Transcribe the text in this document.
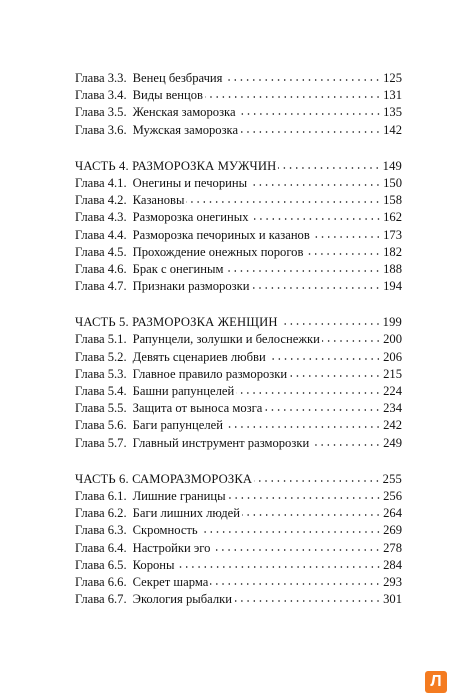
Глава 3.3. Венец безбрачия	125
Глава 3.4. Виды венцов	131
Глава 3.5. Женская заморозка	135
Глава 3.6. Мужская заморозка	142
ЧАСТЬ 4. РАЗМОРОЗКА МУЖЧИН	149
Глава 4.1. Онегины и печорины	150
Глава 4.2. Казановы	158
Глава 4.3. Разморозка онегиных	162
Глава 4.4. Разморозка печориных и казанов	173
Глава 4.5. Прохождение онежных порогов	182
Глава 4.6. Брак с онегиным	188
Глава 4.7. Признаки разморозки	194
ЧАСТЬ 5. РАЗМОРОЗКА ЖЕНЩИН	199
Глава 5.1. Рапунцели, золушки и белоснежки	200
Глава 5.2. Девять сценариев любви	206
Глава 5.3. Главное правило разморозки	215
Глава 5.4. Башни рапунцелей	224
Глава 5.5. Защита от выноса мозга	234
Глава 5.6. Баги рапунцелей	242
Глава 5.7. Главный инструмент разморозки	249
ЧАСТЬ 6. САМОРАЗМОРОЗКА	255
Глава 6.1. Лишние границы	256
Глава 6.2. Баги лишних людей	264
Глава 6.3. Скромность	269
Глава 6.4. Настройки эго	278
Глава 6.5. Короны	284
Глава 6.6. Секрет шарма	293
Глава 6.7. Экология рыбалки	301
Л
